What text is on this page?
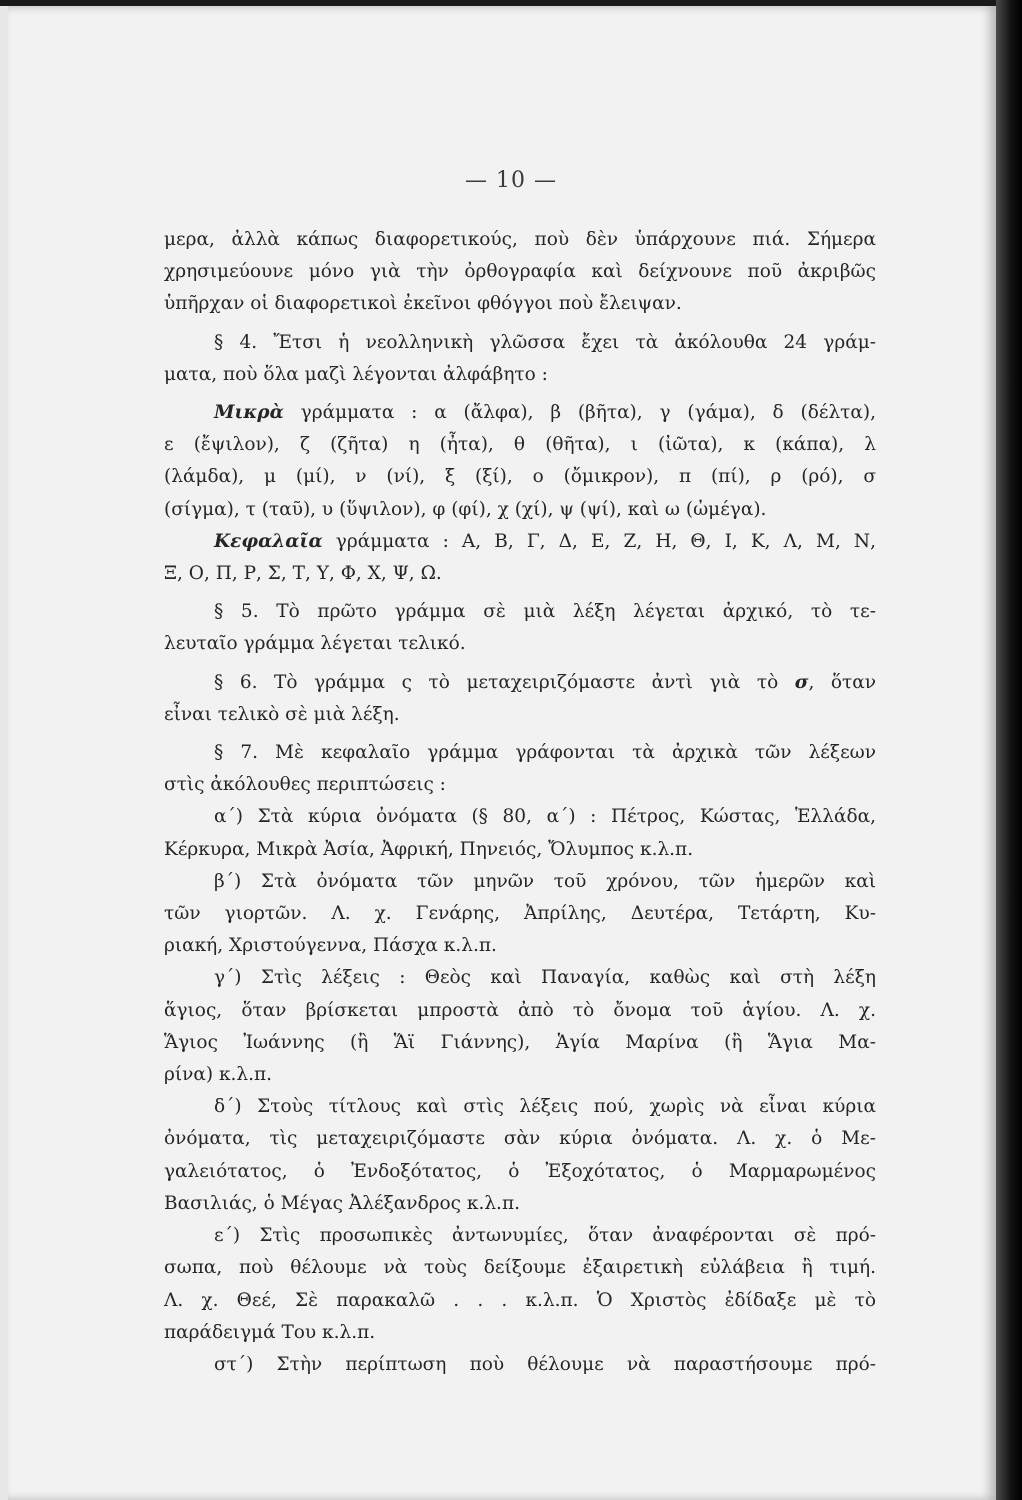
— 10 —

μερα, ἀλλὰ κάπως διαφορετικούς, ποὺ δὲν ὑπάρχουνε πιά. Σήμερα

χρησιμεύουνε μόνο γιὰ τὴν ὀρθογραφία καὶ δείχνουνε ποῦ ἀκριβῶς

ὑπῆρχαν οἱ διαφορετικοὶ ἐκεῖνοι φθόγγοι ποὺ ἔλειψαν.

§ 4. Ἔτσι ἡ νεολληνικὴ γλῶσσα ἔχει τὰ ἀκόλουθα 24 γράμ-

ματα, ποὺ ὅλα μαζὶ λέγονται ἀλφάβητο :

Μικρὰ γράμματα : α (ἄλφα), β (βῆτα), γ (γάμα), δ (δέλτα),

ε (ἔψιλον), ζ (ζῆτα) η (ἦτα), θ (θῆτα), ι (ἰῶτα), κ (κάπα), λ

(λάμδα), μ (μί), ν (νί), ξ (ξί), ο (ὄμικρον), π (πί), ρ (ρό), σ

(σίγμα), τ (ταῦ), υ (ὕψιλον), φ (φί), χ (χί), ψ (ψί), καὶ ω (ὠμέγα).

Κεφαλαῖα γράμματα : Α, Β, Γ, Δ, Ε, Ζ, Η, Θ, Ι, Κ, Λ, Μ, Ν,

Ξ, Ο, Π, Ρ, Σ, Τ, Υ, Φ, Χ, Ψ, Ω.

§ 5. Τὸ πρῶτο γράμμα σὲ μιὰ λέξη λέγεται ἀρχικό, τὸ τε-

λευταῖο γράμμα λέγεται τελικό.

§ 6. Τὸ γράμμα ς τὸ μεταχειριζόμαστε ἀντὶ γιὰ τὸ σ, ὅταν

εἶναι τελικὸ σὲ μιὰ λέξη.

§ 7. Μὲ κεφαλαῖο γράμμα γράφονται τὰ ἀρχικὰ τῶν λέξεων

στὶς ἀκόλουθες περιπτώσεις :

α΄) Στὰ κύρια ὀνόματα (§ 80, α΄) : Πέτρος, Κώστας, Ἑλλάδα,

Κέρκυρα, Μικρὰ Ἀσία, Ἀφρική, Πηνειός, Ὄλυμπος κ.λ.π.

β΄) Στὰ ὀνόματα τῶν μηνῶν τοῦ χρόνου, τῶν ἡμερῶν καὶ

τῶν γιορτῶν. Λ. χ. Γενάρης, Ἀπρίλης, Δευτέρα, Τετάρτη, Κυ-

ριακή, Χριστούγεννα, Πάσχα κ.λ.π.

γ΄) Στὶς λέξεις : Θεὸς καὶ Παναγία, καθὼς καὶ στὴ λέξη

ἅγιος, ὅταν βρίσκεται μπροστὰ ἀπὸ τὸ ὄνομα τοῦ ἁγίου. Λ. χ.

Ἅγιος Ἰωάννης (ἢ Ἅϊ Γιάννης), Ἁγία Μαρίνα (ἢ Ἅγια Μα-

ρίνα) κ.λ.π.

δ΄) Στοὺς τίτλους καὶ στὶς λέξεις πού, χωρὶς νὰ εἶναι κύρια

ὀνόματα, τὶς μεταχειριζόμαστε σὰν κύρια ὀνόματα. Λ. χ. ὁ Με-

γαλειότατος, ὁ Ἐνδοξότατος, ὁ Ἐξοχότατος, ὁ Μαρμαρωμένος

Βασιλιάς, ὁ Μέγας Ἀλέξανδρος κ.λ.π.

ε΄) Στὶς προσωπικὲς ἀντωνυμίες, ὅταν ἀναφέρονται σὲ πρό-

σωπα, ποὺ θέλουμε νὰ τοὺς δείξουμε ἐξαιρετικὴ εὐλάβεια ἢ τιμή.

Λ. χ. Θεέ, Σὲ παρακαλῶ . . . κ.λ.π. Ὁ Χριστὸς ἐδίδαξε μὲ τὸ

παράδειγμά Του κ.λ.π.

στ΄) Στὴν περίπτωση ποὺ θέλουμε νὰ παραστήσουμε πρό-
